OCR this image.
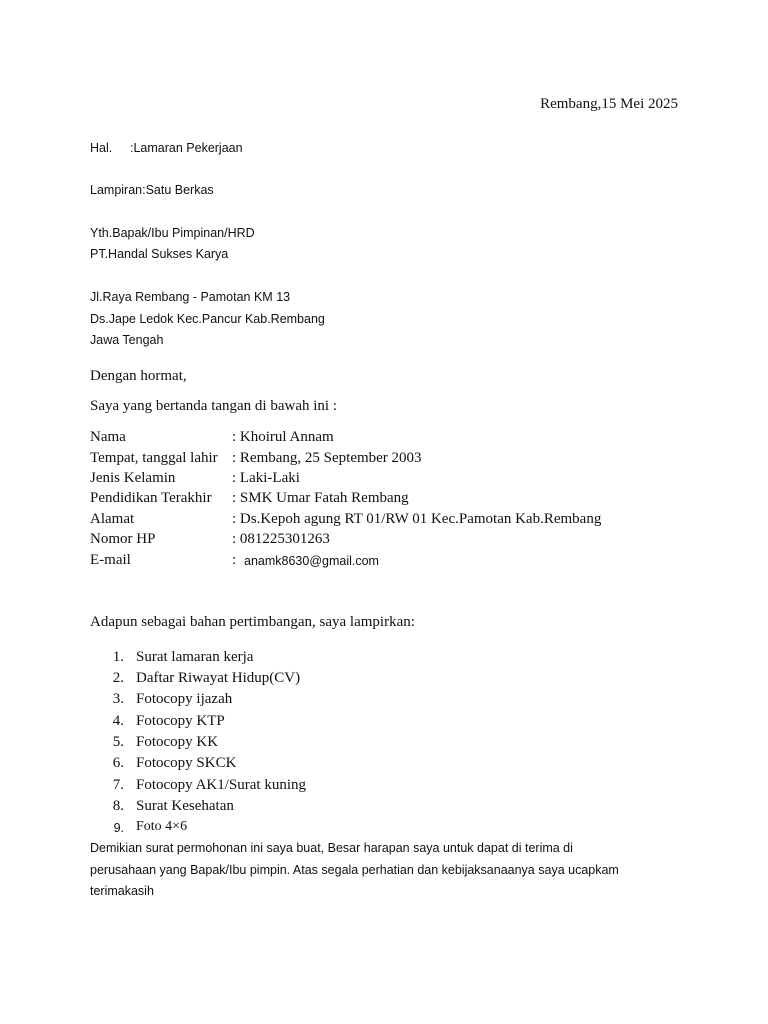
Rembang,15 Mei 2025
Hal. :Lamaran Pekerjaan
Lampiran:Satu Berkas
Yth.Bapak/Ibu Pimpinan/HRD
PT.Handal Sukses Karya
Jl.Raya Rembang - Pamotan KM 13
Ds.Jape Ledok Kec.Pancur Kab.Rembang
Jawa Tengah
Dengan hormat,
Saya yang bertanda tangan di bawah ini :
Nama	: Khoirul Annam
Tempat, tanggal lahir : Rembang, 25 September 2003
Jenis Kelamin	: Laki-Laki
Pendidikan Terakhir : SMK Umar Fatah Rembang
Alamat	: Ds.Kepoh agung RT 01/RW 01 Kec.Pamotan Kab.Rembang
Nomor HP	: 081225301263
E-mail	: anamk8630@gmail.com
Adapun sebagai bahan pertimbangan, saya lampirkan:
1. Surat lamaran kerja
2. Daftar Riwayat Hidup(CV)
3. Fotocopy ijazah
4. Fotocopy KTP
5. Fotocopy KK
6. Fotocopy SKCK
7. Fotocopy AK1/Surat kuning
8. Surat Kesehatan
9. Foto 4×6
Demikian surat permohonan ini saya buat, Besar harapan saya untuk dapat di terima di
perusahaan yang Bapak/Ibu pimpin. Atas segala perhatian dan kebijaksanaanya saya ucapkam
terimakasih
